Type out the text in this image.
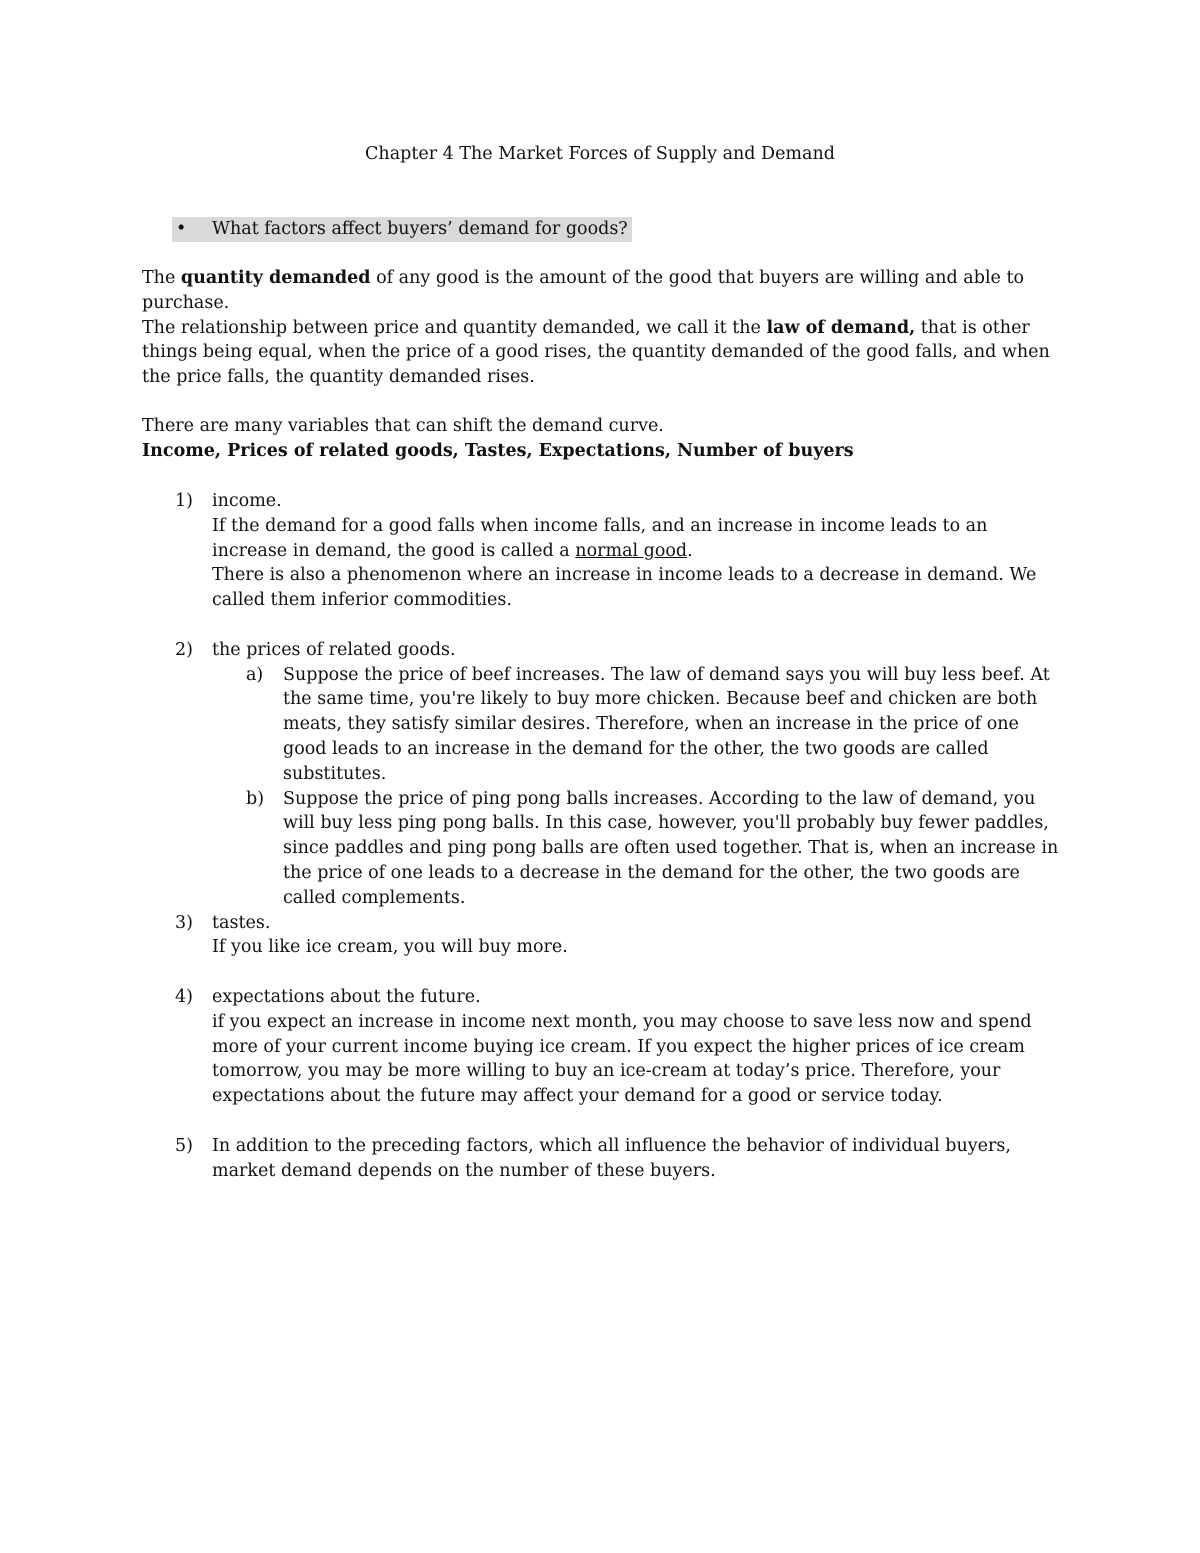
Chapter 4 The Market Forces of Supply and Demand
• What factors affect buyers’ demand for goods?

The quantity demanded of any good is the amount of the good that buyers are willing and able to purchase.

The relationship between price and quantity demanded, we call it the law of demand, that is other things being equal, when the price of a good rises, the quantity demanded of the good falls, and when the price falls, the quantity demanded rises.

There are many variables that can shift the demand curve.

Income, Prices of related goods, Tastes, Expectations, Number of buyers

1) income.

If the demand for a good falls when income falls, and an increase in income leads to an increase in demand, the good is called a normal good.

There is also a phenomenon where an increase in income leads to a decrease in demand. We called them inferior commodities.

2) the prices of related goods.

a) Suppose the price of beef increases. The law of demand says you will buy less beef. At the same time, you're likely to buy more chicken. Because beef and chicken are both meats, they satisfy similar desires. Therefore, when an increase in the price of one good leads to an increase in the demand for the other, the two goods are called substitutes.

b) Suppose the price of ping pong balls increases. According to the law of demand, you will buy less ping pong balls. In this case, however, you'll probably buy fewer paddles, since paddles and ping pong balls are often used together. That is, when an increase in the price of one leads to a decrease in the demand for the other, the two goods are called complements.

3) tastes.

If you like ice cream, you will buy more.

4) expectations about the future.

if you expect an increase in income next month, you may choose to save less now and spend more of your current income buying ice cream. If you expect the higher prices of ice cream tomorrow, you may be more willing to buy an ice-cream at today’s price. Therefore, your expectations about the future may affect your demand for a good or service today.

5) In addition to the preceding factors, which all influence the behavior of individual buyers, market demand depends on the number of these buyers.
